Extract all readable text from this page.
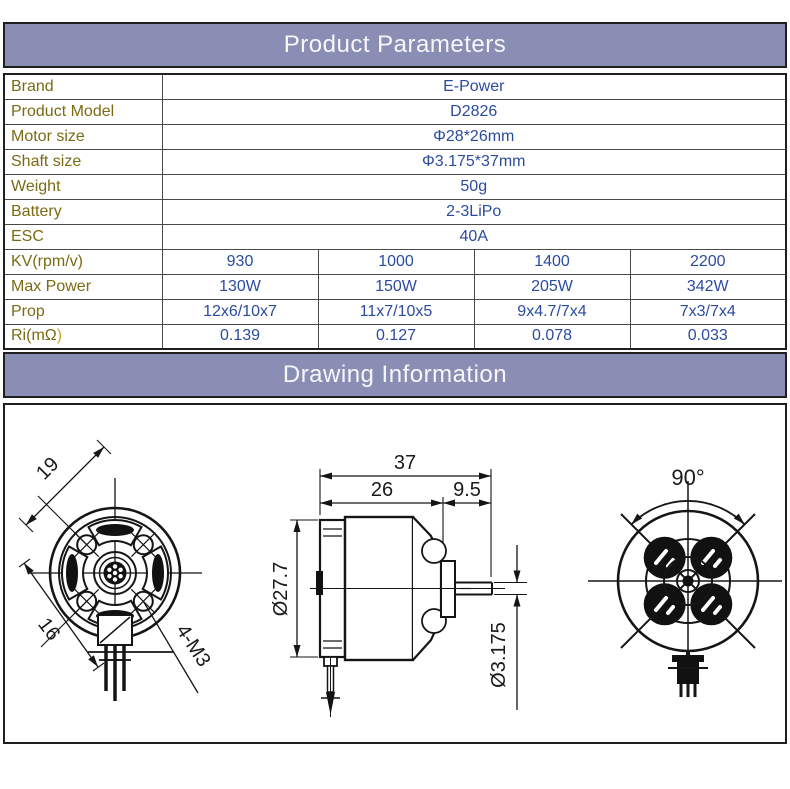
Product Parameters
Brand	E-Power			
Product Model	D2826			
Motor size	Φ28*26mm			
Shaft size	Φ3.175*37mm			
Weight	50g			
Battery	2-3LiPo			
ESC	40A			
KV(rpm/v)	930	1000	1400	2200
Max Power	130W	150W	205W	342W
Prop	12x6/10x7	11x7/10x5	9x4.7/7x4	7x3/7x4
Ri(mΩ)	0.139	0.127	0.078	0.033
Drawing Information
19
16	4-M3
37
26	9.5
Ø27.7
Ø3.175
90°
